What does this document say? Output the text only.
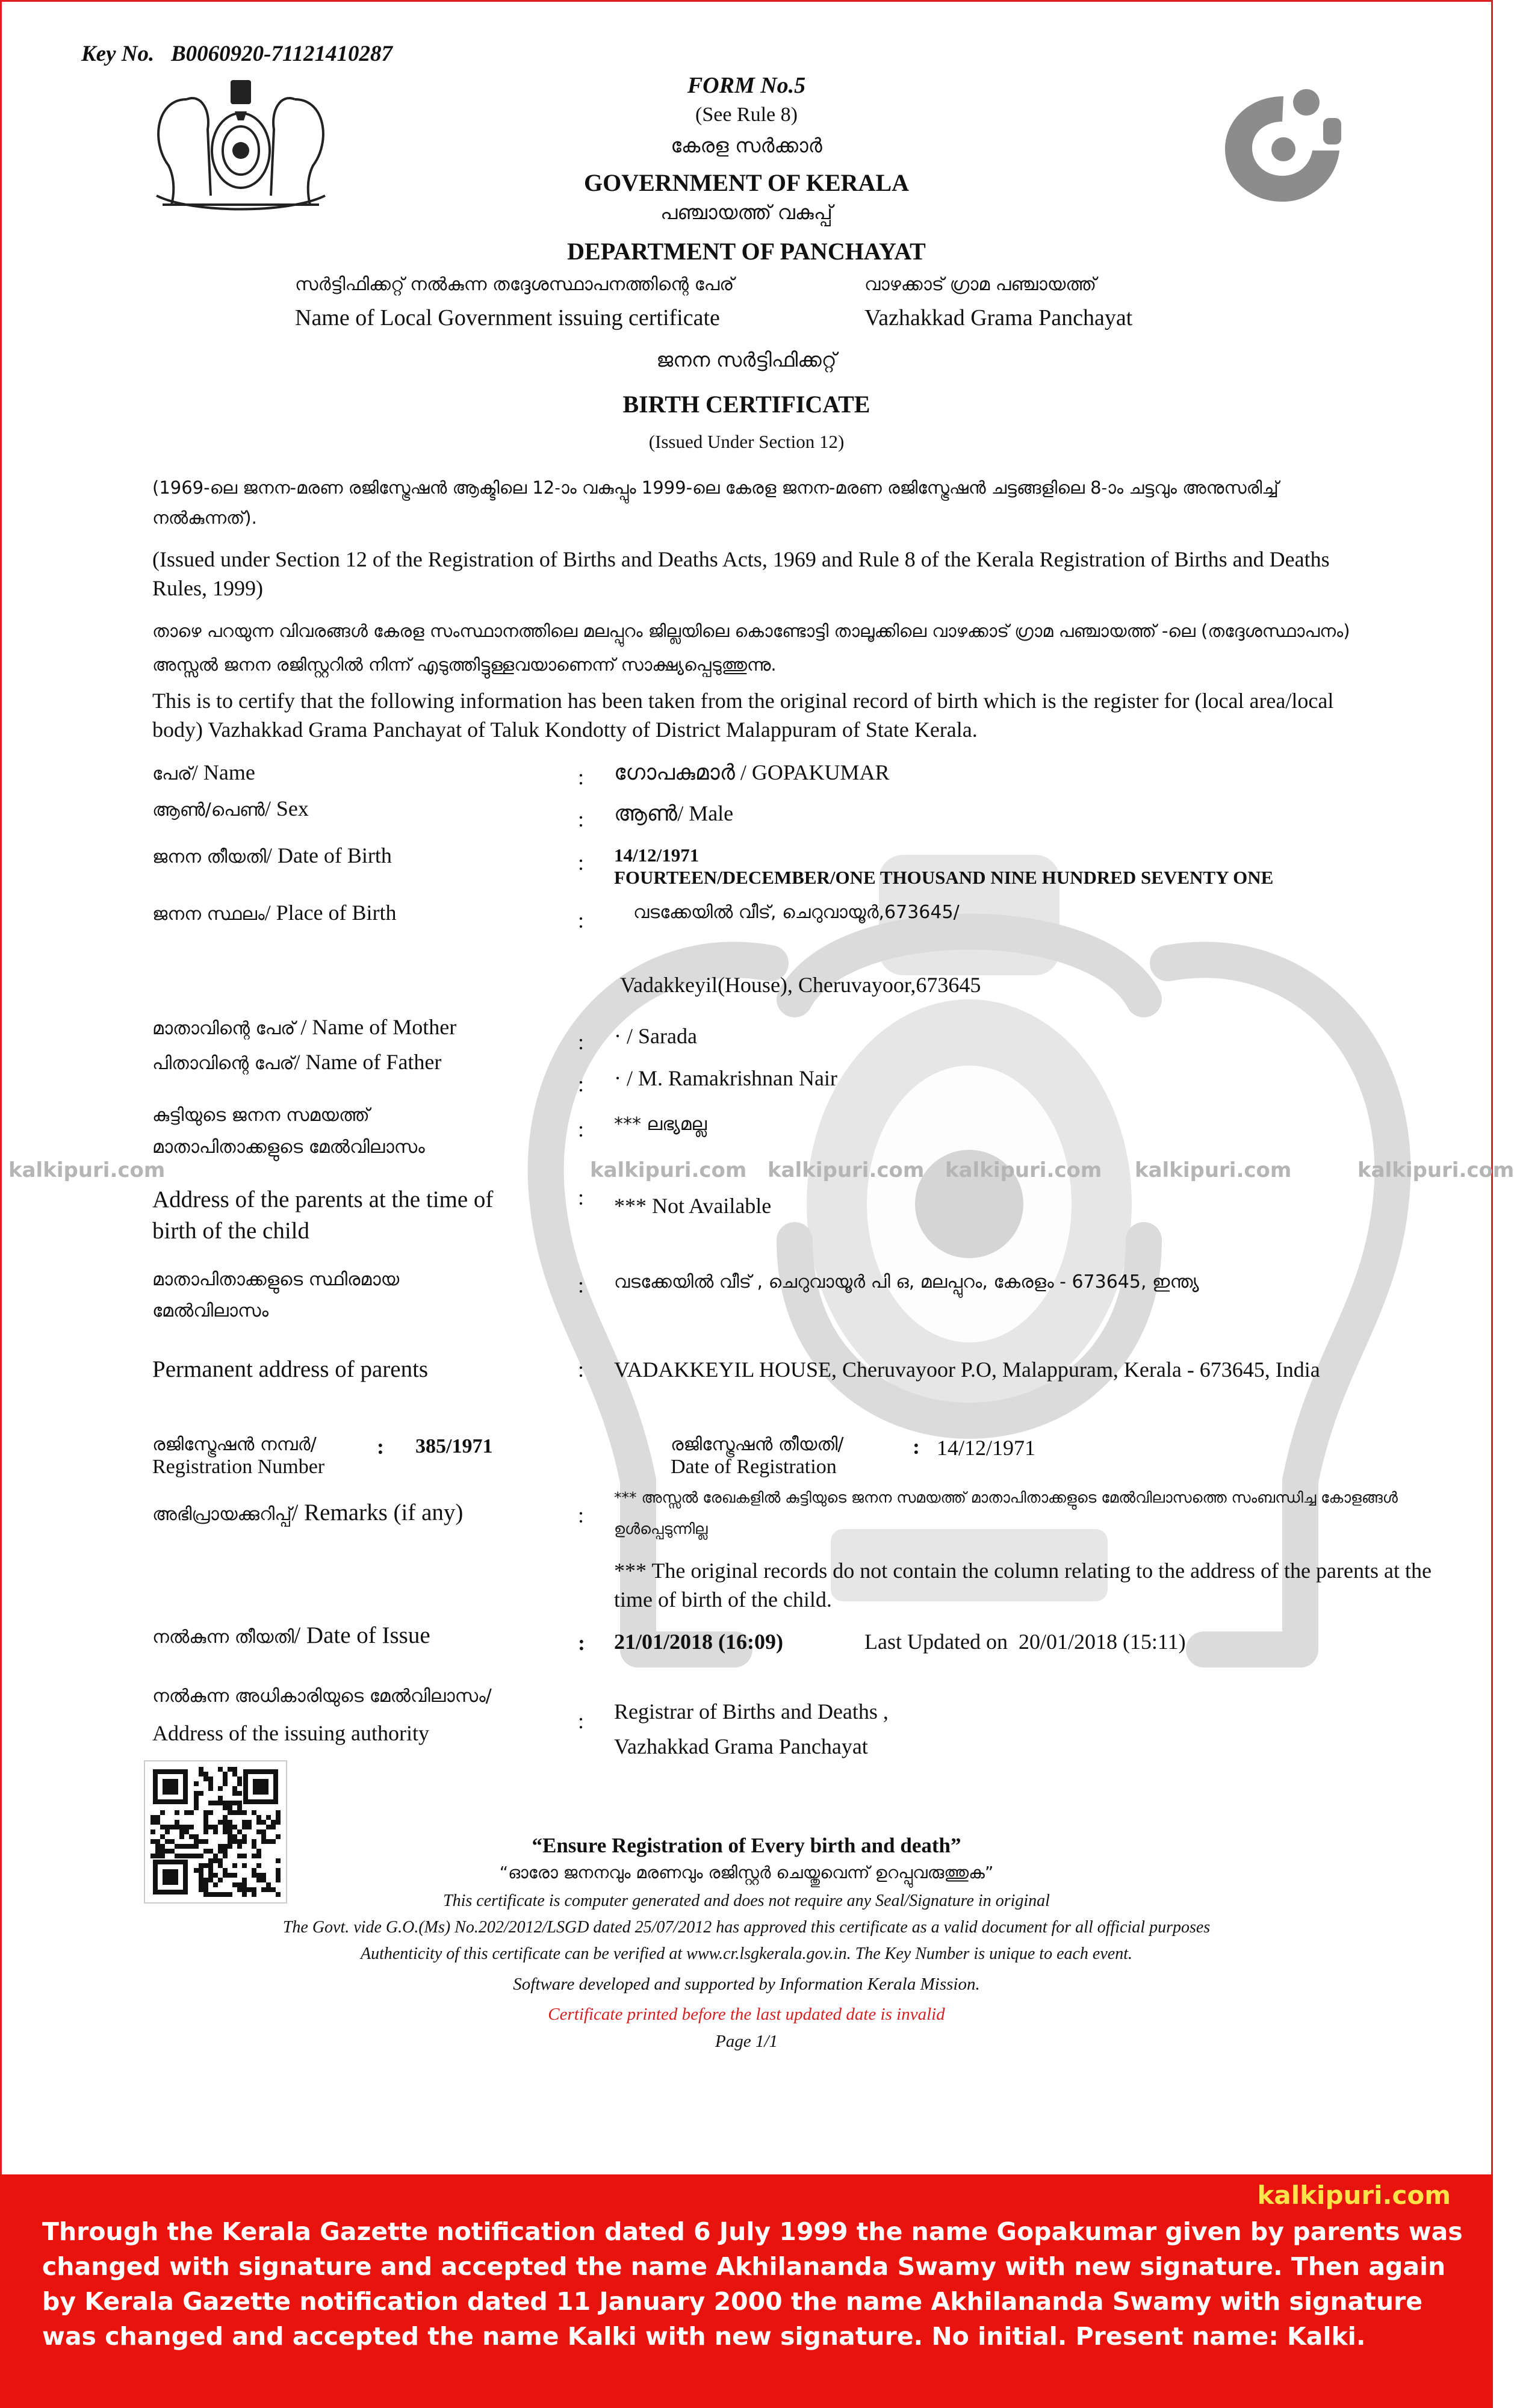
Key No. B0060920-71121410287
FORM No.5
(See Rule 8)
കേരള സർക്കാർ
GOVERNMENT OF KERALA
പഞ്ചായത്ത് വകുപ്പ്
DEPARTMENT OF PANCHAYAT
സർട്ടിഫിക്കറ്റ് നൽകുന്ന തദ്ദേശസ്ഥാപനത്തിന്റെ പേര്	വാഴക്കാട് ഗ്രാമ പഞ്ചായത്ത്
Name of Local Government issuing certificate	Vazhakkad Grama Panchayat
ജനന സർട്ടിഫിക്കറ്റ്
BIRTH CERTIFICATE
(Issued Under Section 12)
(1969-ലെ ജനന-മരണ രജിസ്ട്രേഷൻ ആക്ടിലെ 12-ാം വകുപ്പും 1999-ലെ കേരള ജനന-മരണ രജിസ്ട്രേഷൻ ചട്ടങ്ങളിലെ 8-ാം ചട്ടവും അനുസരിച്ച് നൽകുന്നത്).
(Issued under Section 12 of the Registration of Births and Deaths Acts, 1969 and Rule 8 of the Kerala Registration of Births and Deaths Rules, 1999)
താഴെ പറയുന്ന വിവരങ്ങൾ കേരള സംസ്ഥാനത്തിലെ മലപ്പുറം ജില്ലയിലെ കൊണ്ടോട്ടി താലൂക്കിലെ വാഴക്കാട് ഗ്രാമ പഞ്ചായത്ത് -ലെ (തദ്ദേശസ്ഥാപനം) അസ്സൽ ജനന രജിസ്റ്ററിൽ നിന്ന് എടുത്തിട്ടുള്ളവയാണെന്ന് സാക്ഷ്യപ്പെടുത്തുന്നു.
This is to certify that the following information has been taken from the original record of birth which is the register for (local area/local body) Vazhakkad Grama Panchayat of Taluk Kondotty of District Malappuram of State Kerala.
kalkipuri.com	kalkipuri.com kalkipuri.com kalkipuri.com kalkipuri.com	kalkipuri.com
പേര്/ Name	: ഗോപകുമാർ / GOPAKUMAR
ആൺ/പെൺ/ Sex	: ആൺ/ Male
ജനന തീയതി/ Date of Birth	: 14/12/1971
FOURTEEN/DECEMBER/ONE THOUSAND NINE HUNDRED SEVENTY ONE
ജനന സ്ഥലം/ Place of Birth	:	വടക്കേയിൽ വീട്, ചെറുവായൂർ,673645/
Vadakkeyil(House), Cheruvayoor,673645
മാതാവിന്റെ പേര് / Name of Mother
: · / Sarada
പിതാവിന്റെ പേര്/ Name of Father
: · / M. Ramakrishnan Nair
കുട്ടിയുടെ ജനന സമയത്ത്
മാതാപിതാക്കളുടെ മേൽവിലാസം
: *** ലഭ്യമല്ല
Address of the parents at the time of
birth of the child
: *** Not Available
മാതാപിതാക്കളുടെ സ്ഥിരമായ
മേൽവിലാസം
: വടക്കേയിൽ വീട് , ചെറുവായൂർ പി ഒ, മലപ്പുറം, കേരളം - 673645, ഇന്ത്യ
Permanent address of parents	: VADAKKEYIL HOUSE, Cheruvayoor P.O, Malappuram, Kerala - 673645, India
രജിസ്ട്രേഷൻ നമ്പർ/	: 385/1971
Registration Number
രജിസ്ട്രേഷൻ തീയതി/	: 14/12/1971
Date of Registration
അഭിപ്രായക്കുറിപ്പ്/ Remarks (if any)	:
*** അസ്സൽ രേഖകളിൽ കുട്ടിയുടെ ജനന സമയത്ത് മാതാപിതാക്കളുടെ മേൽവിലാസത്തെ സംബന്ധിച്ച കോളങ്ങൾ ഉൾപ്പെടുന്നില്ല
*** The original records do not contain the column relating to the address of the parents at the time of birth of the child.
നൽകുന്ന തീയതി/ Date of Issue	: 21/01/2018 (16:09)	Last Updated on 20/01/2018 (15:11)
നൽകുന്ന അധികാരിയുടെ മേൽവിലാസം/
Address of the issuing authority	: Registrar of Births and Deaths ,
Vazhakkad Grama Panchayat
“Ensure Registration of Every birth and death”
“ഓരോ ജനനവും മരണവും രജിസ്റ്റർ ചെയ്തുവെന്ന് ഉറപ്പുവരുത്തുക”
This certificate is computer generated and does not require any Seal/Signature in original
The Govt. vide G.O.(Ms) No.202/2012/LSGD dated 25/07/2012 has approved this certificate as a valid document for all official purposes
Authenticity of this certificate can be verified at www.cr.lsgkerala.gov.in. The Key Number is unique to each event.
Software developed and supported by Information Kerala Mission.
Certificate printed before the last updated date is invalid
Page 1/1
kalkipuri.com
Through the Kerala Gazette notification dated 6 July 1999 the name Gopakumar given by parents was changed with signature and accepted the name Akhilananda Swamy with new signature. Then again by Kerala Gazette notification dated 11 January 2000 the name Akhilananda Swamy with signature was changed and accepted the name Kalki with new signature. No initial. Present name: Kalki.
